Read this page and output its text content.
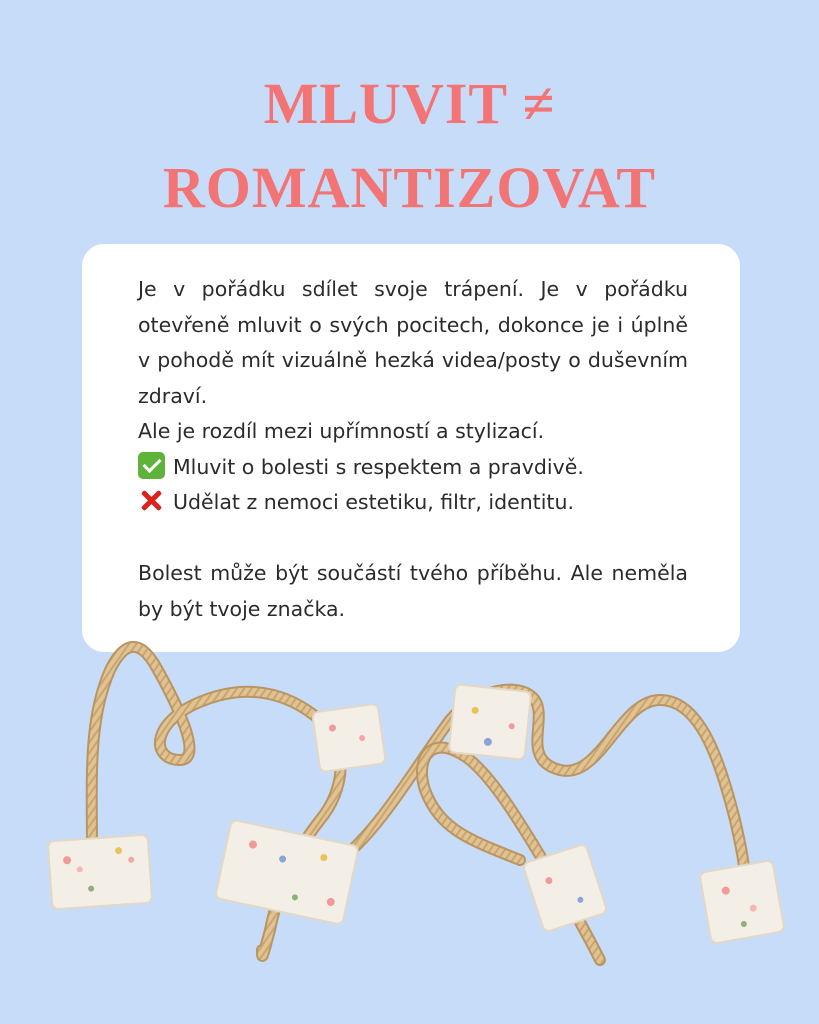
MLUVIT ≠
ROMANTIZOVAT

Je v pořádku sdílet svoje trápení. Je v pořádku otevřeně mluvit o svých pocitech, dokonce je i úplně v pohodě mít vizuálně hezká videa/posty o duševním zdraví.

Ale je rozdíl mezi upřímností a stylizací.

Mluvit o bolesti s respektem a pravdivě.

Udělat z nemoci estetiku, filtr, identitu.

Bolest může být součástí tvého příběhu. Ale neměla by být tvoje značka.
